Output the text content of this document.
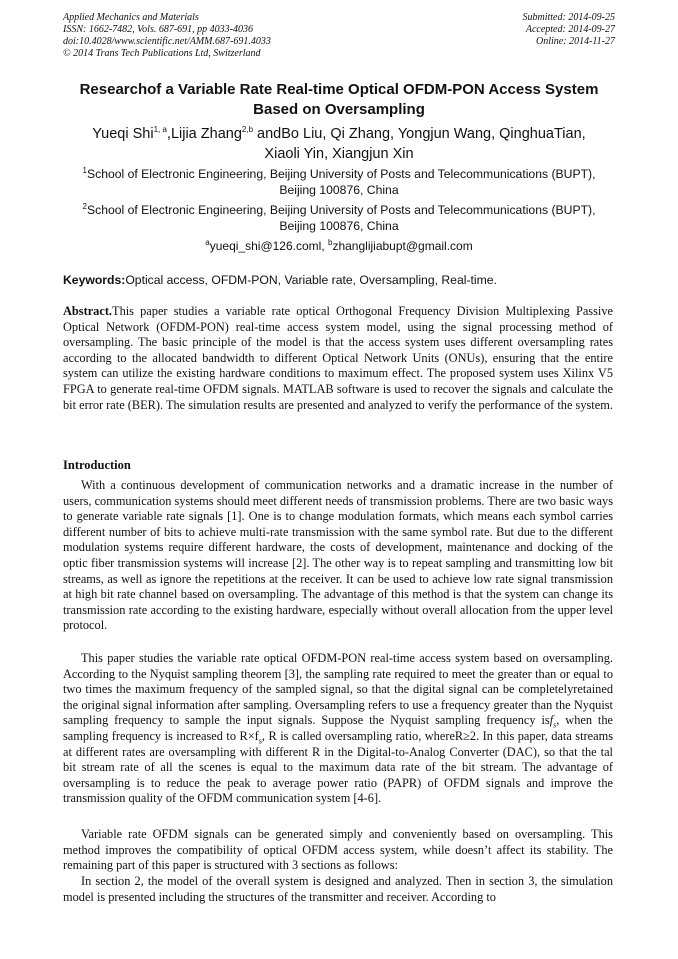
Applied Mechanics and Materials
ISSN: 1662-7482, Vols. 687-691, pp 4033-4036
doi:10.4028/www.scientific.net/AMM.687-691.4033
© 2014 Trans Tech Publications Ltd, Switzerland
Submitted: 2014-09-25
Accepted: 2014-09-27
Online: 2014-11-27
Researchof a Variable Rate Real-time Optical OFDM-PON Access System
Based on Oversampling
Yueqi Shi$^{1, a}$,Lijia Zhang$^{2,b}$ andBo Liu, Qi Zhang, Yongjun Wang, QinghuaTian,
Xiaoli Yin, Xiangjun Xin
$^1$School of Electronic Engineering, Beijing University of Posts and Telecommunications (BUPT),
Beijing 100876, China
$^2$School of Electronic Engineering, Beijing University of Posts and Telecommunications (BUPT),
Beijing 100876, China
$^a$yueqi_shi@126.coml, $^b$zhanglijiabupt@gmail.com
Keywords:Optical access, OFDM-PON, Variable rate, Oversampling, Real-time.
Abstract.This paper studies a variable rate optical Orthogonal Frequency Division Multiplexing Passive Optical Network (OFDM-PON) real-time access system model, using the signal processing method of oversampling. The basic principle of the model is that the access system uses different oversampling rates according to the allocated bandwidth to different Optical Network Units (ONUs), ensuring that the entire system can utilize the existing hardware conditions to maximum effect. The proposed system uses Xilinx V5 FPGA to generate real-time OFDM signals. MATLAB software is used to recover the signals and calculate the bit error rate (BER). The simulation results are presented and analyzed to verify the performance of the system.
Introduction
With a continuous development of communication networks and a dramatic increase in the number of users, communication systems should meet different needs of transmission problems. There are two basic ways to generate variable rate signals [1]. One is to change modulation formats, which means each symbol carries different number of bits to achieve multi-rate transmission with the same symbol rate. But due to the different modulation systems require different hardware, the costs of development, maintenance and docking of the optic fiber transmission systems will increase [2]. The other way is to repeat sampling and transmitting low bit streams, as well as ignore the repetitions at the receiver. It can be used to achieve low rate signal transmission at high bit rate channel based on oversampling. The advantage of this method is that the system can change its transmission rate according to the existing hardware, especially without overall allocation from the upper level protocol.
This paper studies the variable rate optical OFDM-PON real-time access system based on oversampling. According to the Nyquist sampling theorem [3], the sampling rate required to meet the greater than or equal to two times the maximum frequency of the sampled signal, so that the digital signal can be completelyretained the original signal information after sampling. Oversampling refers to use a frequency greater than the Nyquist sampling frequency to sample the input signals. Suppose the Nyquist sampling frequency isf$_s$, when the sampling frequency is increased to $R\times f_s$, R is called oversampling ratio, whereR≥2. In this paper, data streams at different rates are oversampling with different R in the Digital-to-Analog Converter (DAC), so that the tal bit stream rate of all the scenes is equal to the maximum data rate of the bit stream. The advantage of oversampling is to reduce the peak to average power ratio (PAPR) of OFDM signals and improve the transmission quality of the OFDM communication system [4-6].
Variable rate OFDM signals can be generated simply and conveniently based on oversampling. This method improves the compatibility of optical OFDM access system, while doesn’t affect its stability. The remaining part of this paper is structured with 3 sections as follows:
In section 2, the model of the overall system is designed and analyzed. Then in section 3, the simulation model is presented including the structures of the transmitter and receiver. According to
